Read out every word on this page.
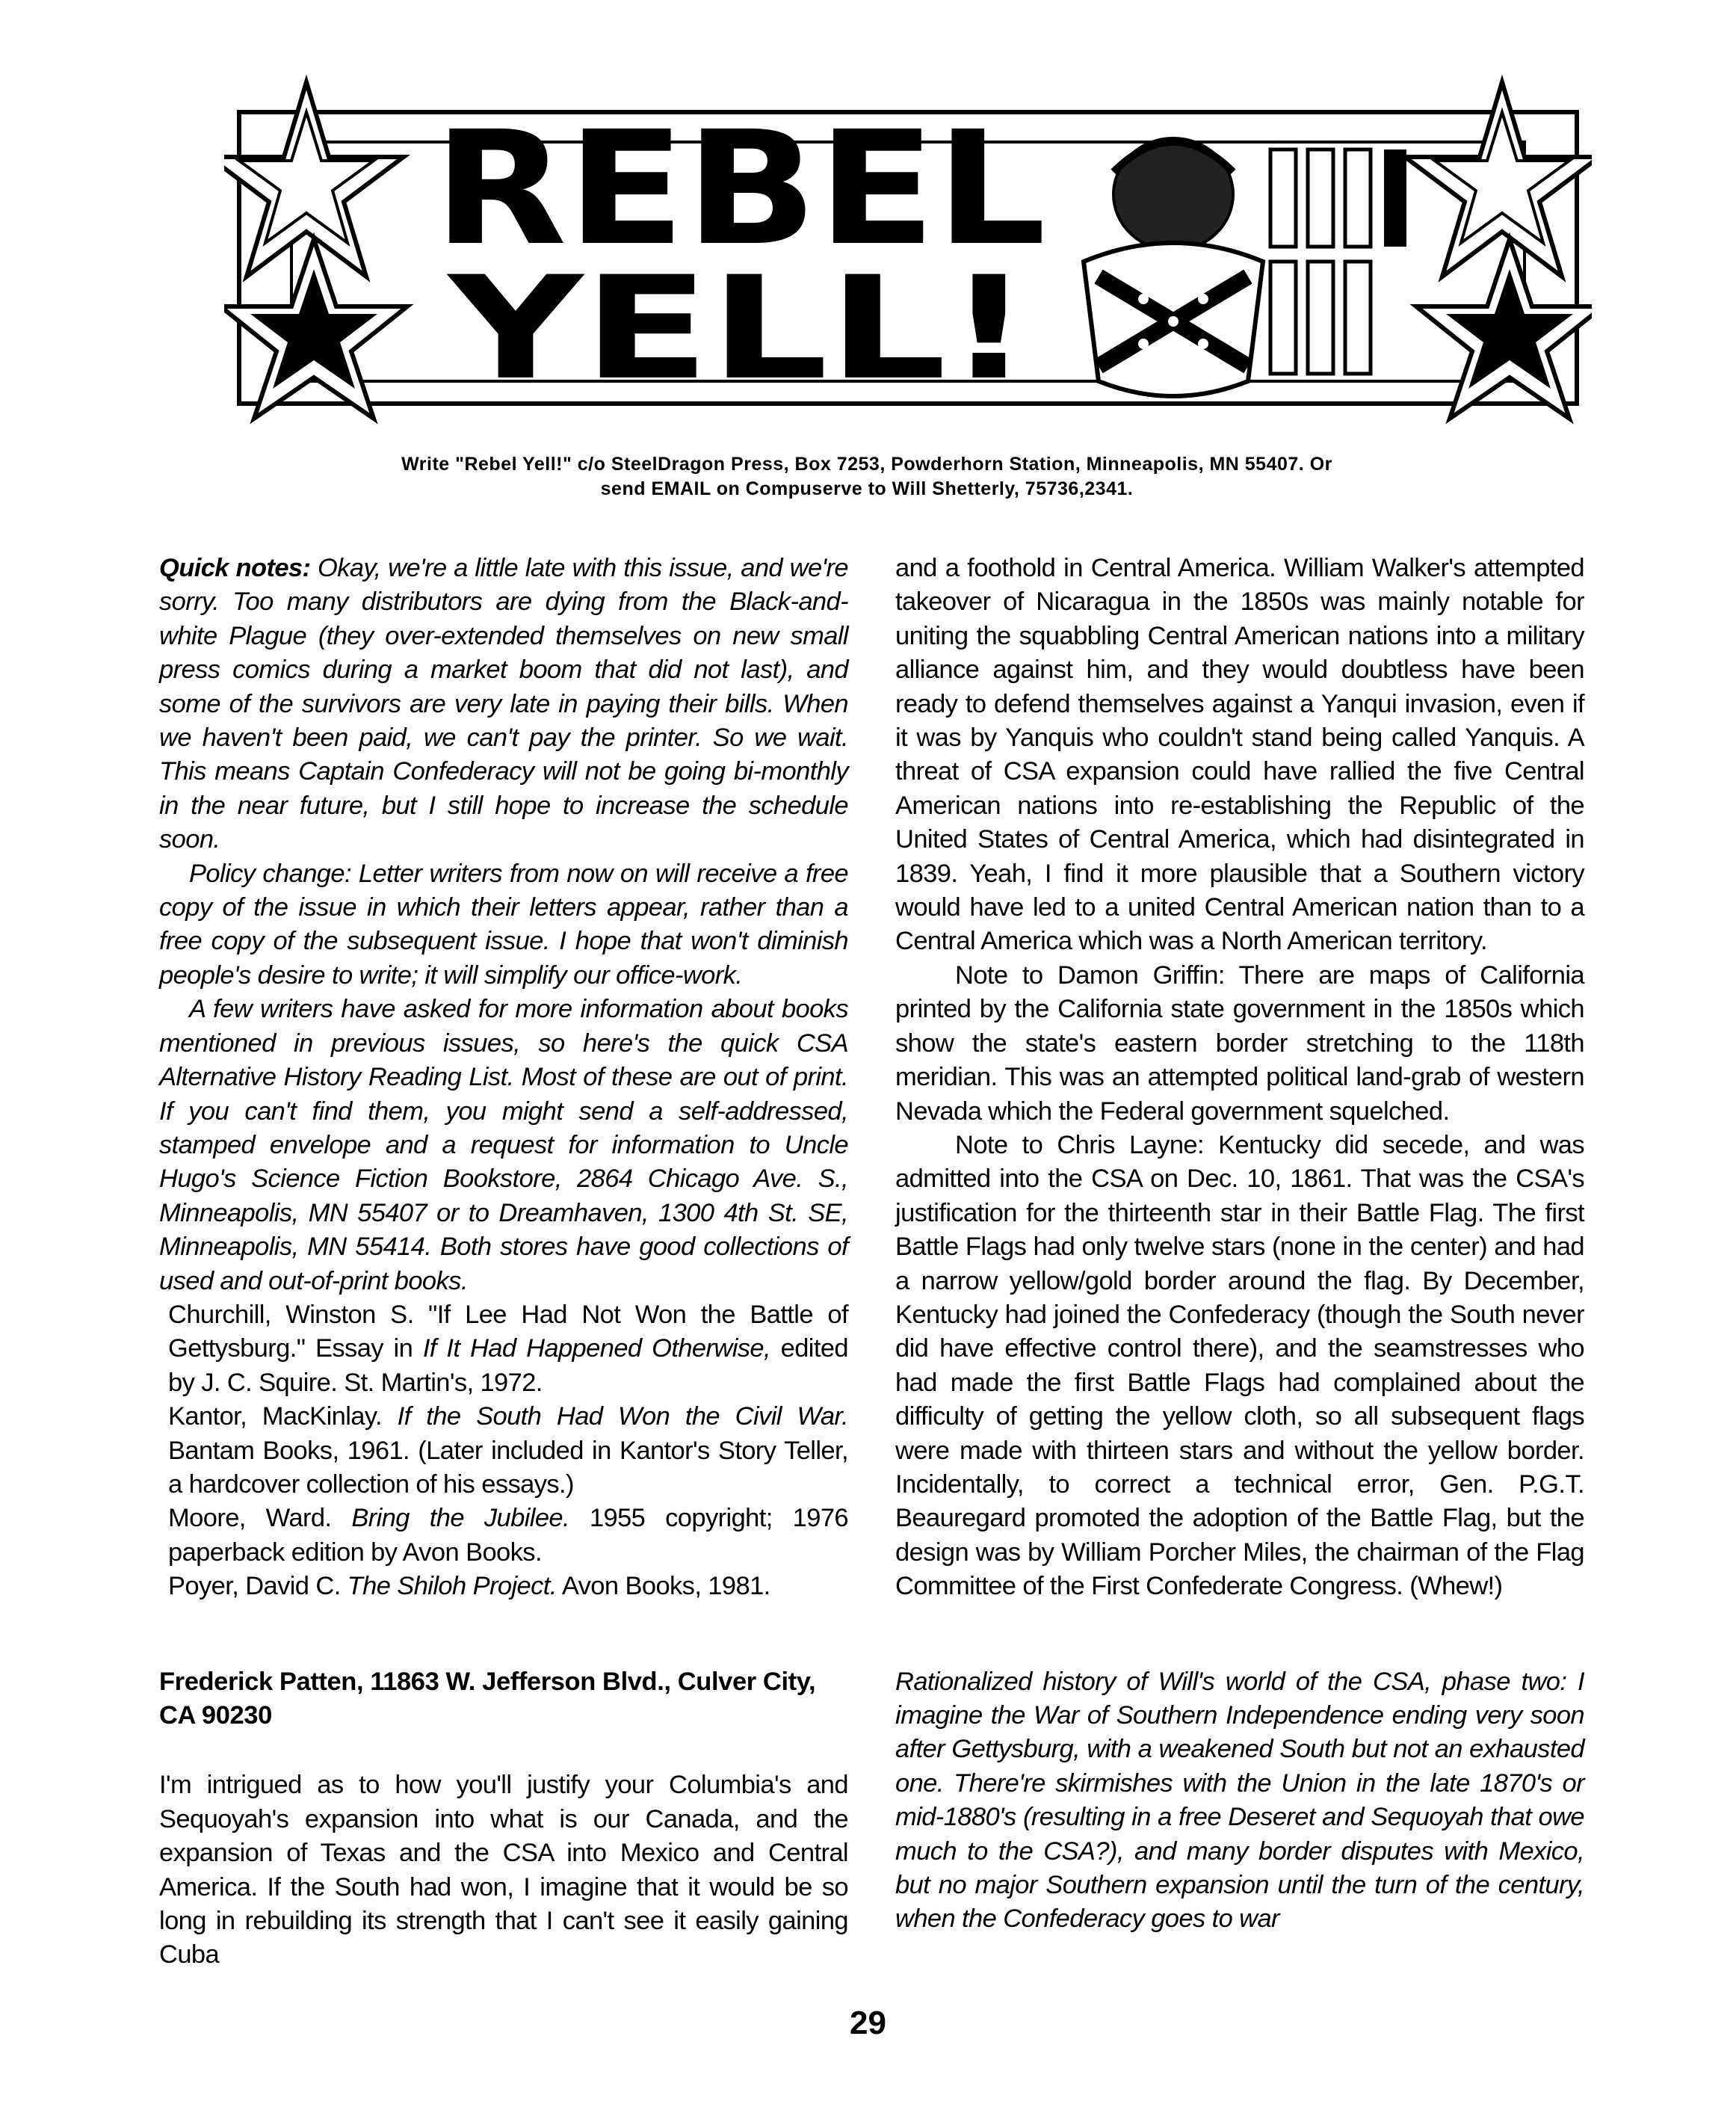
REBEL
YELL!
Write "Rebel Yell!" c/o SteelDragon Press, Box 7253, Powderhorn Station, Minneapolis, MN 55407. Or
send EMAIL on Compuserve to Will Shetterly, 75736,2341.

Quick notes: Okay, we're a little late with this issue, and we're sorry. Too many distributors are dying from the Black-and-white Plague (they over-extended themselves on new small press comics during a market boom that did not last), and some of the survivors are very late in paying their bills. When we haven't been paid, we can't pay the printer. So we wait. This means Captain Confederacy will not be going bi-monthly in the near future, but I still hope to increase the schedule soon.

Policy change: Letter writers from now on will receive a free copy of the issue in which their letters appear, rather than a free copy of the subsequent issue. I hope that won't diminish people's desire to write; it will simplify our office-work.

A few writers have asked for more information about books mentioned in previous issues, so here's the quick CSA Alternative History Reading List. Most of these are out of print. If you can't find them, you might send a self-addressed, stamped envelope and a request for information to Uncle Hugo's Science Fiction Bookstore, 2864 Chicago Ave. S., Minneapolis, MN 55407 or to Dreamhaven, 1300 4th St. SE, Minneapolis, MN 55414. Both stores have good collections of used and out-of-print books.

Churchill, Winston S. "If Lee Had Not Won the Battle of Gettysburg." Essay in If It Had Happened Otherwise, edited by J. C. Squire. St. Martin's, 1972.

Kantor, MacKinlay. If the South Had Won the Civil War. Bantam Books, 1961. (Later included in Kantor's Story Teller, a hardcover collection of his essays.)

Moore, Ward. Bring the Jubilee. 1955 copyright; 1976 paperback edition by Avon Books.

Poyer, David C. The Shiloh Project. Avon Books, 1981.

Frederick Patten, 11863 W. Jefferson Blvd., Culver City, CA 90230

I'm intrigued as to how you'll justify your Columbia's and Sequoyah's expansion into what is our Canada, and the expansion of Texas and the CSA into Mexico and Central America. If the South had won, I imagine that it would be so long in rebuilding its strength that I can't see it easily gaining Cuba

and a foothold in Central America. William Walker's attempted takeover of Nicaragua in the 1850s was mainly notable for uniting the squabbling Central American nations into a military alliance against him, and they would doubtless have been ready to defend themselves against a Yanqui invasion, even if it was by Yanquis who couldn't stand being called Yanquis. A threat of CSA expansion could have rallied the five Central American nations into re-establishing the Republic of the United States of Central America, which had disintegrated in 1839. Yeah, I find it more plausible that a Southern victory would have led to a united Central American nation than to a Central America which was a North American territory.

Note to Damon Griffin: There are maps of California printed by the California state government in the 1850s which show the state's eastern border stretching to the 118th meridian. This was an attempted political land-grab of western Nevada which the Federal government squelched.

Note to Chris Layne: Kentucky did secede, and was admitted into the CSA on Dec. 10, 1861. That was the CSA's justification for the thirteenth star in their Battle Flag. The first Battle Flags had only twelve stars (none in the center) and had a narrow yellow/gold border around the flag. By December, Kentucky had joined the Confederacy (though the South never did have effective control there), and the seamstresses who had made the first Battle Flags had complained about the difficulty of getting the yellow cloth, so all subsequent flags were made with thirteen stars and without the yellow border. Incidentally, to correct a technical error, Gen. P.G.T. Beauregard promoted the adoption of the Battle Flag, but the design was by William Porcher Miles, the chairman of the Flag Committee of the First Confederate Congress. (Whew!)

Rationalized history of Will's world of the CSA, phase two: I imagine the War of Southern Independence ending very soon after Gettysburg, with a weakened South but not an exhausted one. There're skirmishes with the Union in the late 1870's or mid-1880's (resulting in a free Deseret and Sequoyah that owe much to the CSA?), and many border disputes with Mexico, but no major Southern expansion until the turn of the century, when the Confederacy goes to war

29
